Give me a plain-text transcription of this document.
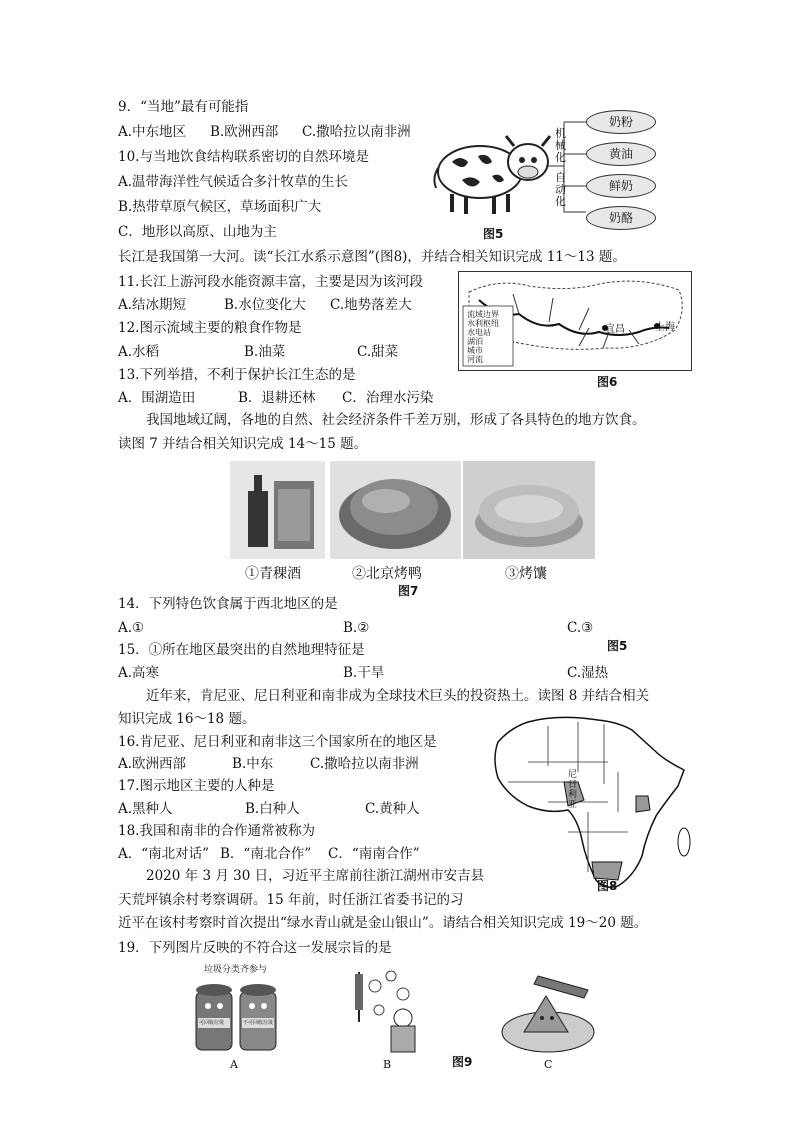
9．“当地”最有可能指
A.中东地区 B.欧洲西部 C.撒哈拉以南非洲
10.与当地饮食结构联系密切的自然环境是
A.温带海洋性气候适合多汁牧草的生长
B.热带草原气候区，草场面积广大
C．地形以高原、山地为主
机械化
自动化
奶粉
黄油
鲜奶
奶酪
图5
长江是我国第一大河。读“长江水系示意图”(图8)，并结合相关知识完成 11～13 题。
11.长江上游河段水能资源丰富，主要是因为该河段
A.结冰期短	B.水位变化大 C.地势落差大
12.图示流域主要的粮食作物是
A.水稻	B.油菜	C.甜菜
13.下列举措，不利于保护长江生态的是
A．围湖造田	B．退耕还林 C．治理水污染
流域边界
水利枢纽
水电站
湖泊
城市
河流
宜昌	上海
图6
我国地域辽阔，各地的自然、社会经济条件千差万别，形成了各具特色的地方饮食。
读图 7 并结合相关知识完成 14～15 题。
①青稞酒	②北京烤鸭	③烤馕
图7
14．下列特色饮食属于西北地区的是
A.①	B.②	C.③
图5
15．①所在地区最突出的自然地理特征是
A.高寒	B.干旱	C.湿热
近年来，肯尼亚、尼日利亚和南非成为全球技术巨头的投资热土。读图 8 并结合相关
知识完成 16～18 题。
16.肯尼亚、尼日利亚和南非这三个国家所在的地区是
A.欧洲西部	B.中东	C.撒哈拉以南非洲
17.图示地区主要的人种是
A.黑种人	B.白种人	C.黄种人
18.我国和南非的合作通常被称为
A．“南北对话” B．“南北合作” C．“南南合作”
尼日利亚
图8
2020 年 3 月 30 日，习近平主席前往浙江湖州市安吉县
天荒坪镇余村考察调研。15 年前，时任浙江省委书记的习
近平在该村考察时首次提出“绿水青山就是金山银山”。请结合相关知识完成 19～20 题。
19．下列图片反映的不符合这一发展宗旨的是
垃圾分类齐参与
可回收垃圾	不可回收垃圾
A	B	图9	C
